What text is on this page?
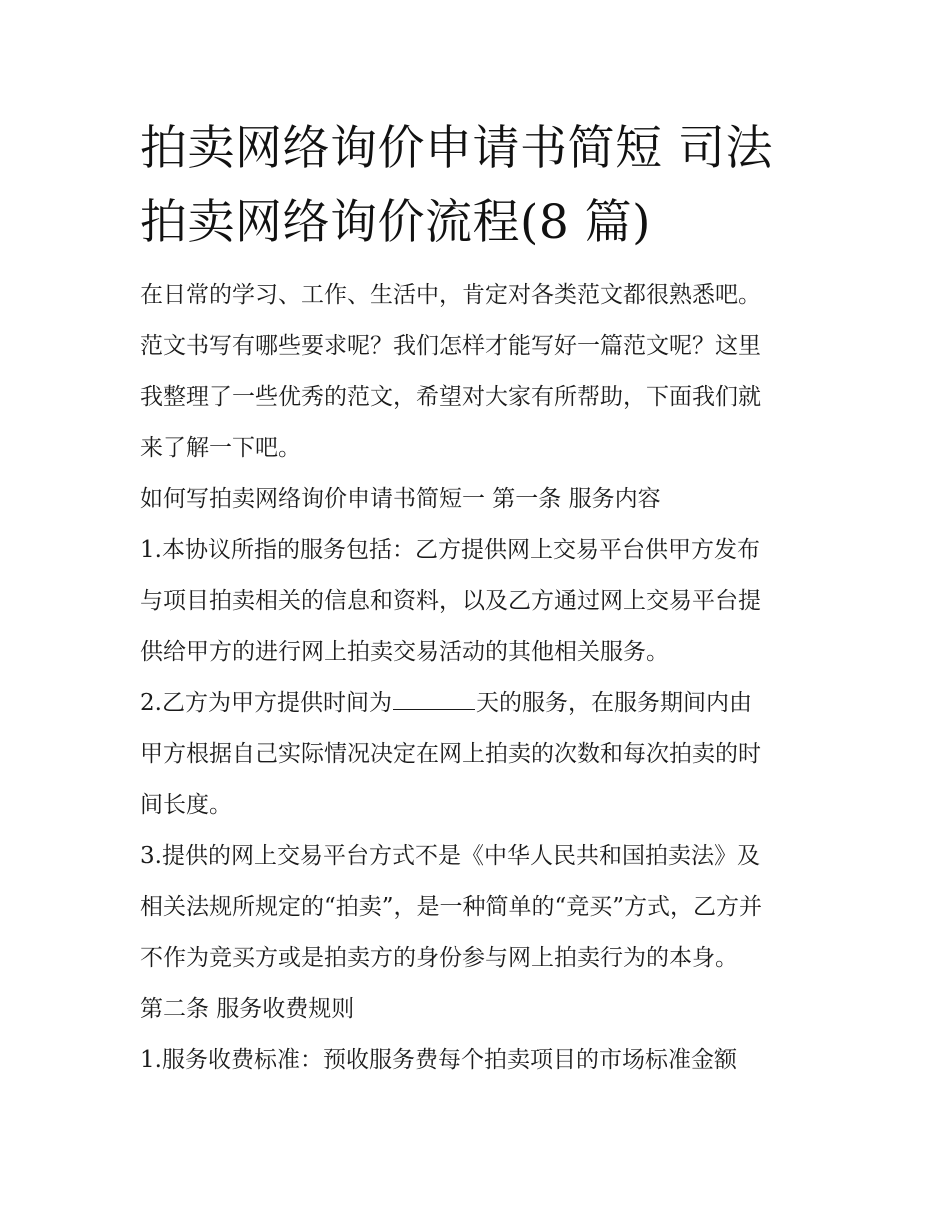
拍卖网络询价申请书简短 司法
拍卖网络询价流程(8 篇)
在日常的学习、工作、生活中，肯定对各类范文都很熟悉吧。
范文书写有哪些要求呢？我们怎样才能写好一篇范文呢？这里
我整理了一些优秀的范文，希望对大家有所帮助，下面我们就
来了解一下吧。
如何写拍卖网络询价申请书简短一 第一条 服务内容
1.本协议所指的服务包括：乙方提供网上交易平台供甲方发布
与项目拍卖相关的信息和资料，以及乙方通过网上交易平台提
供给甲方的进行网上拍卖交易活动的其他相关服务。
2.乙方为甲方提供时间为	天的服务，在服务期间内由
甲方根据自己实际情况决定在网上拍卖的次数和每次拍卖的时
间长度。
3.提供的网上交易平台方式不是《中华人民共和国拍卖法》及
相关法规所规定的“拍卖”，是一种简单的“竞买”方式，乙方并
不作为竞买方或是拍卖方的身份参与网上拍卖行为的本身。
第二条 服务收费规则
1.服务收费标准：预收服务费每个拍卖项目的市场标准金额
